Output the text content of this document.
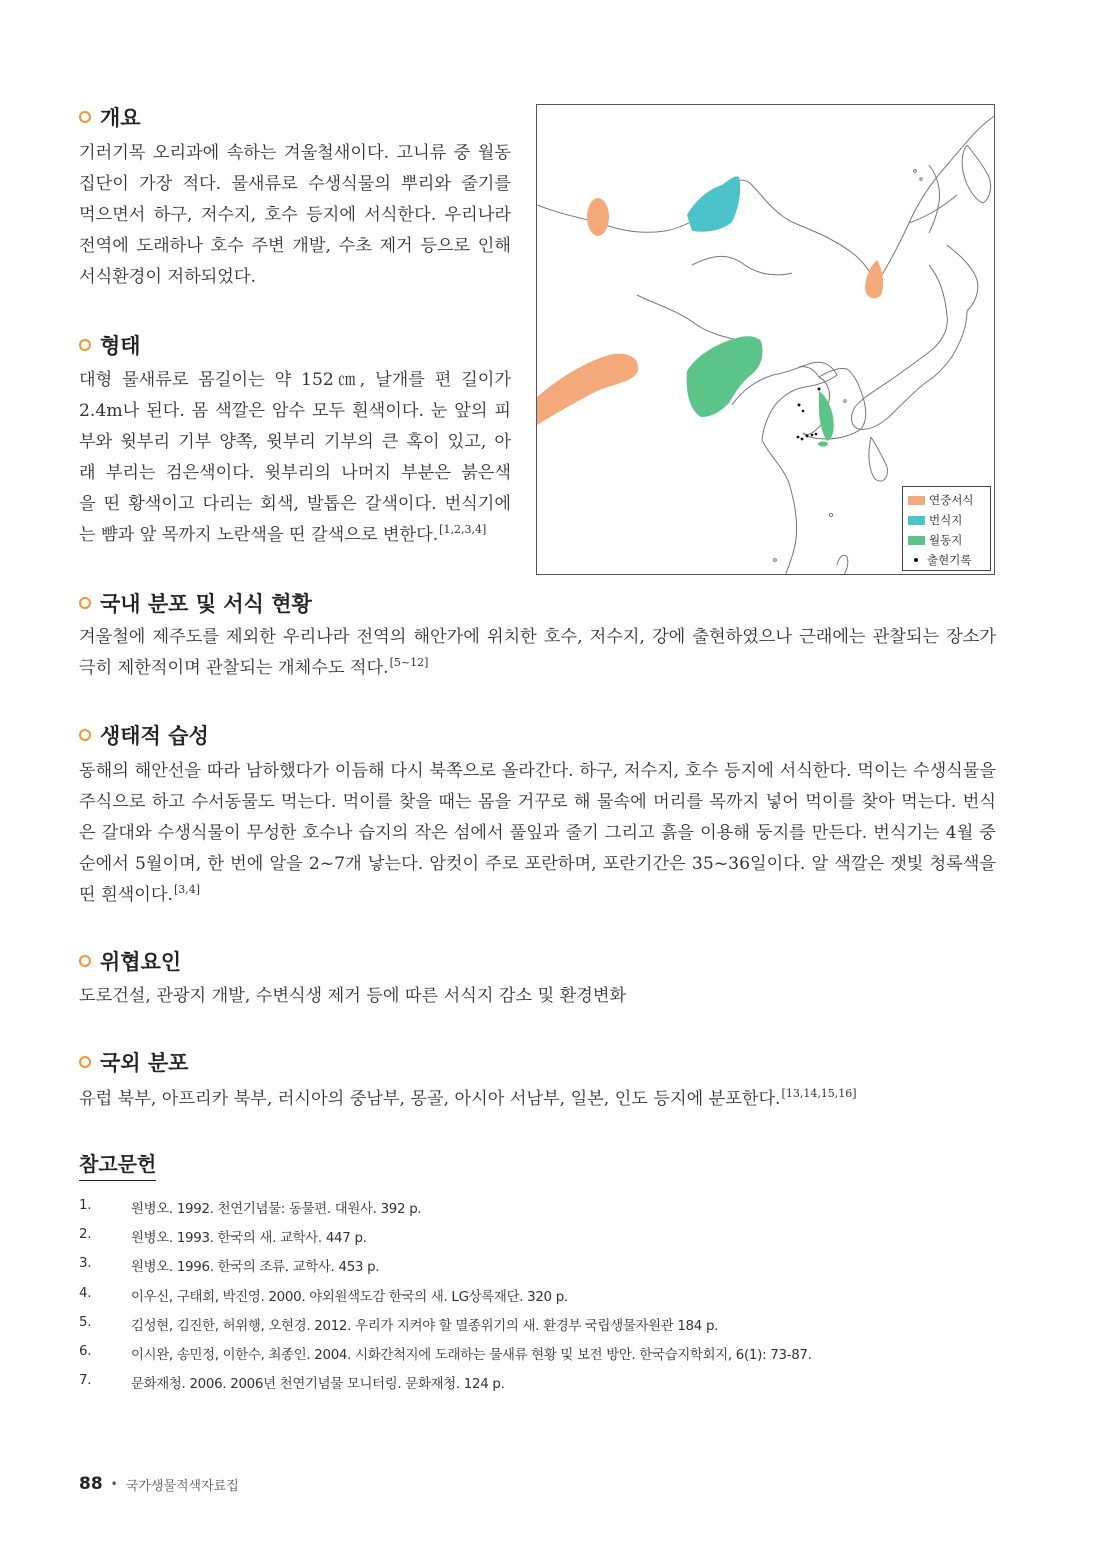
개요
기러기목 오리과에 속하는 겨울철새이다. 고니류 중 월동
집단이 가장 적다. 물새류로 수생식물의 뿌리와 줄기를
먹으면서 하구, 저수지, 호수 등지에 서식한다. 우리나라
전역에 도래하나 호수 주변 개발, 수초 제거 등으로 인해
서식환경이 저하되었다.
형태
대형 물새류로 몸길이는 약 152㎝, 날개를 편 길이가
2.4m나 된다. 몸 색깔은 암수 모두 흰색이다. 눈 앞의 피
부와 윗부리 기부 양쪽, 윗부리 기부의 큰 혹이 있고, 아
래 부리는 검은색이다. 윗부리의 나머지 부분은 붉은색
을 띤 황색이고 다리는 회색, 발톱은 갈색이다. 번식기에
는 뺨과 앞 목까지 노란색을 띤 갈색으로 변한다.[1,2,3,4]
연중서식
번식지
월동지
출현기록
국내 분포 및 서식 현황

겨울철에 제주도를 제외한 우리나라 전역의 해안가에 위치한 호수, 저수지, 강에 출현하였으나 근래에는 관찰되는 장소가 극히 제한적이며 관찰되는 개체수도 적다.[5~12]

생태적 습성

동해의 해안선을 따라 남하했다가 이듬해 다시 북쪽으로 올라간다. 하구, 저수지, 호수 등지에 서식한다. 먹이는 수생식물을 주식으로 하고 수서동물도 먹는다. 먹이를 찾을 때는 몸을 거꾸로 해 물속에 머리를 목까지 넣어 먹이를 찾아 먹는다. 번식은 갈대와 수생식물이 무성한 호수나 습지의 작은 섬에서 풀잎과 줄기 그리고 흙을 이용해 둥지를 만든다. 번식기는 4월 중순에서 5월이며, 한 번에 알을 2~7개 낳는다. 암컷이 주로 포란하며, 포란기간은 35~36일이다. 알 색깔은 잿빛 청록색을 띤 흰색이다.[3,4]

위협요인

도로건설, 관광지 개발, 수변식생 제거 등에 따른 서식지 감소 및 환경변화

국외 분포

유럽 북부, 아프리카 북부, 러시아의 중남부, 몽골, 아시아 서남부, 일본, 인도 등지에 분포한다.[13,14,15,16]

참고문헌
1.	원병오. 1992. 천연기념물: 동물편. 대원사. 392 p.
2.	원병오. 1993. 한국의 새. 교학사. 447 p.
3.	원병오. 1996. 한국의 조류. 교학사. 453 p.
4.	이우신, 구태회, 박진영. 2000. 야외원색도감 한국의 새. LG상록재단. 320 p.
5.	김성현, 김진한, 허위행, 오현경. 2012. 우리가 지켜야 할 멸종위기의 새. 환경부 국립생물자원관 184 p.
6.	이시완, 송민정, 이한수, 최종인. 2004. 시화간척지에 도래하는 물새류 현황 및 보전 방안. 한국습지학회지, 6(1): 73-87.
7.	문화재청. 2006. 2006년 천연기념물 모니터링. 문화재청. 124 p.
88 • 국가생물적색자료집
